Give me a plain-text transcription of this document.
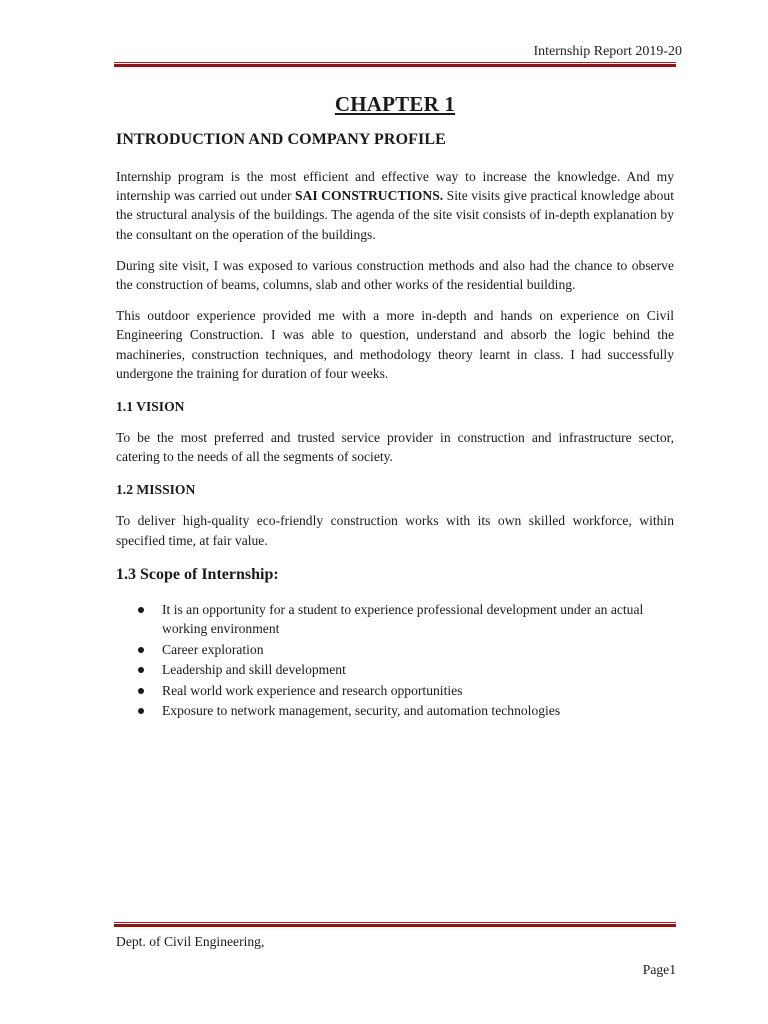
Internship Report 2019-20
CHAPTER 1
INTRODUCTION AND COMPANY PROFILE

Internship program is the most efficient and effective way to increase the knowledge. And my internship was carried out under SAI CONSTRUCTIONS. Site visits give practical knowledge about the structural analysis of the buildings. The agenda of the site visit consists of in-depth explanation by the consultant on the operation of the buildings.

During site visit, I was exposed to various construction methods and also had the chance to observe the construction of beams, columns, slab and other works of the residential building.

This outdoor experience provided me with a more in-depth and hands on experience on Civil Engineering Construction. I was able to question, understand and absorb the logic behind the machineries, construction techniques, and methodology theory learnt in class. I had successfully undergone the training for duration of four weeks.

1.1 VISION

To be the most preferred and trusted service provider in construction and infrastructure sector, catering to the needs of all the segments of society.

1.2 MISSION

To deliver high-quality eco-friendly construction works with its own skilled workforce, within specified time, at fair value.

1.3 Scope of Internship:
It is an opportunity for a student to experience professional development under an actual working environment
Career exploration
Leadership and skill development
Real world work experience and research opportunities
Exposure to network management, security, and automation technologies
Dept. of Civil Engineering,
Page1
